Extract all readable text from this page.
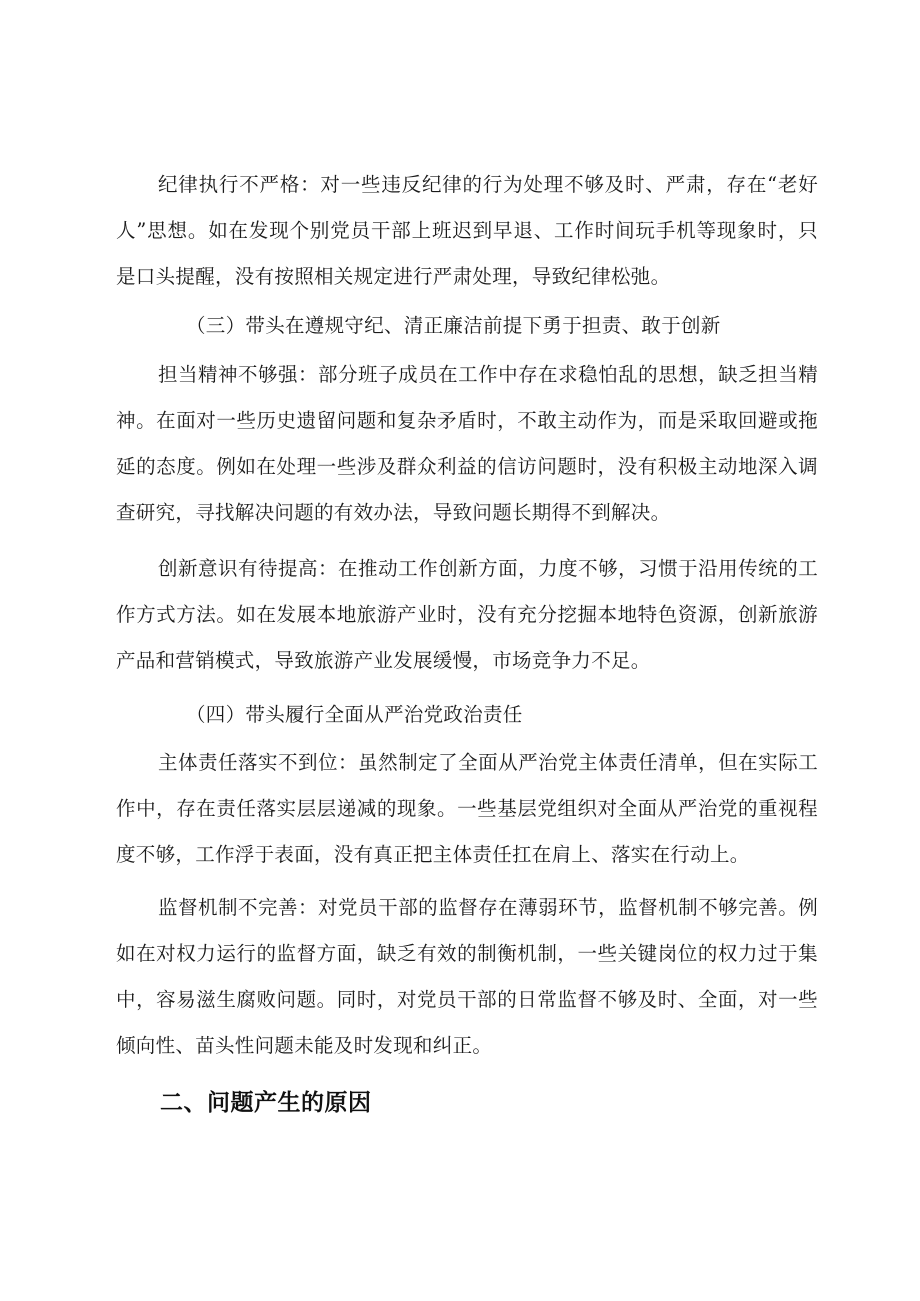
纪律执行不严格：对一些违反纪律的行为处理不够及时、严肃，存在“老好人”思想。如在发现个别党员干部上班迟到早退、工作时间玩手机等现象时，只是口头提醒，没有按照相关规定进行严肃处理，导致纪律松弛。

（三）带头在遵规守纪、清正廉洁前提下勇于担责、敢于创新

担当精神不够强：部分班子成员在工作中存在求稳怕乱的思想，缺乏担当精神。在面对一些历史遗留问题和复杂矛盾时，不敢主动作为，而是采取回避或拖延的态度。例如在处理一些涉及群众利益的信访问题时，没有积极主动地深入调查研究，寻找解决问题的有效办法，导致问题长期得不到解决。

创新意识有待提高：在推动工作创新方面，力度不够，习惯于沿用传统的工作方式方法。如在发展本地旅游产业时，没有充分挖掘本地特色资源，创新旅游产品和营销模式，导致旅游产业发展缓慢，市场竞争力不足。

（四）带头履行全面从严治党政治责任

主体责任落实不到位：虽然制定了全面从严治党主体责任清单，但在实际工作中，存在责任落实层层递减的现象。一些基层党组织对全面从严治党的重视程度不够，工作浮于表面，没有真正把主体责任扛在肩上、落实在行动上。

监督机制不完善：对党员干部的监督存在薄弱环节，监督机制不够完善。例如在对权力运行的监督方面，缺乏有效的制衡机制，一些关键岗位的权力过于集中，容易滋生腐败问题。同时，对党员干部的日常监督不够及时、全面，对一些倾向性、苗头性问题未能及时发现和纠正。

二、问题产生的原因
